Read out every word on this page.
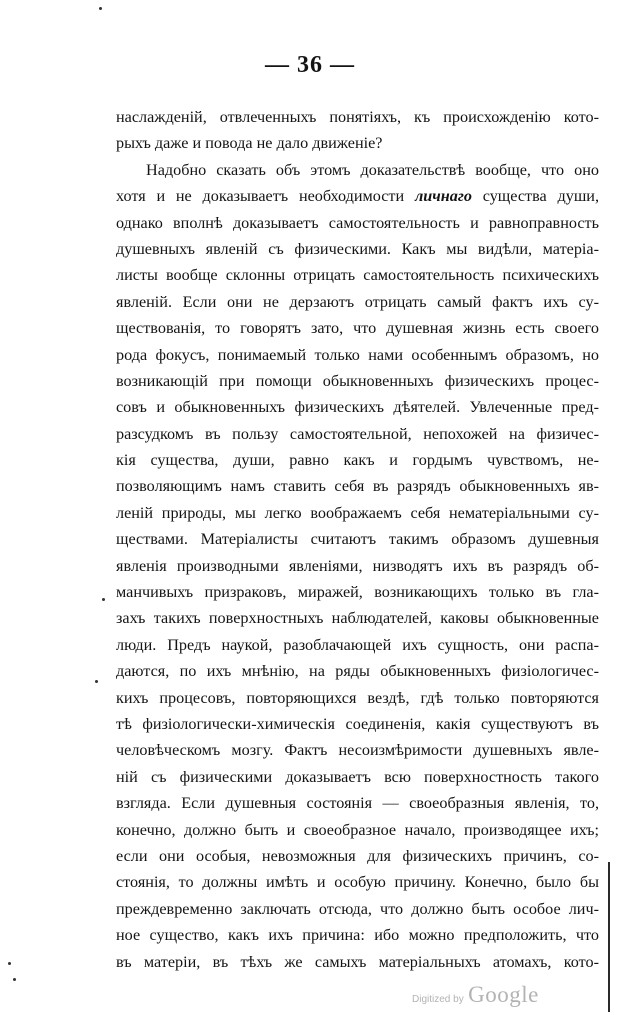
— 36 —
наслажденій, отвлеченныхъ понятіяхъ, къ происхожденію кото-
рыхъ даже и повода не дало движеніе?
Надобно сказать объ этомъ доказательствѣ вообще, что оно
хотя и не доказываетъ необходимости личнаго существа души,
однако вполнѣ доказываетъ самостоятельность и равноправность
душевныхъ явленій съ физическими. Какъ мы видѣли, матеріа-
листы вообще склонны отрицать самостоятельность психическихъ
явленій. Если они не дерзаютъ отрицать самый фактъ ихъ су-
ществованія, то говорятъ зато, что душевная жизнь есть своего
рода фокусъ, понимаемый только нами особеннымъ образомъ, но
возникающій при помощи обыкновенныхъ физическихъ процес-
совъ и обыкновенныхъ физическихъ дѣятелей. Увлеченные пред-
разсудкомъ въ пользу самостоятельной, непохожей на физичес-
кія существа, души, равно какъ и гордымъ чувствомъ, не-
позволяющимъ намъ ставить себя въ разрядъ обыкновенныхъ яв-
леній природы, мы легко воображаемъ себя нематеріальными су-
ществами. Матеріалисты считаютъ такимъ образомъ душевныя
явленія производными явленіями, низводятъ ихъ въ разрядъ об-
манчивыхъ призраковъ, миражей, возникающихъ только въ гла-
захъ такихъ поверхностныхъ наблюдателей, каковы обыкновенные
люди. Предъ наукой, разоблачающей ихъ сущность, они распа-
даются, по ихъ мнѣнію, на ряды обыкновенныхъ физіологичес-
кихъ процесовъ, повторяющихся вездѣ, гдѣ только повторяются
тѣ физіологически-химическія соединенія, какія существуютъ въ
человѣческомъ мозгу. Фактъ несоизмѣримости душевныхъ явле-
ній съ физическими доказываетъ всю поверхностность такого
взгляда. Если душевныя состоянія — своеобразныя явленія, то,
конечно, должно быть и своеобразное начало, производящее ихъ;
если они особыя, невозможныя для физическихъ причинъ, со-
стоянія, то должны имѣть и особую причину. Конечно, было бы
преждевременно заключать отсюда, что должно быть особое лич-
ное существо, какъ ихъ причина: ибо можно предположить, что
въ матеріи, въ тѣхъ же самыхъ матеріальныхъ атомахъ, кото-
Digitized by Google
